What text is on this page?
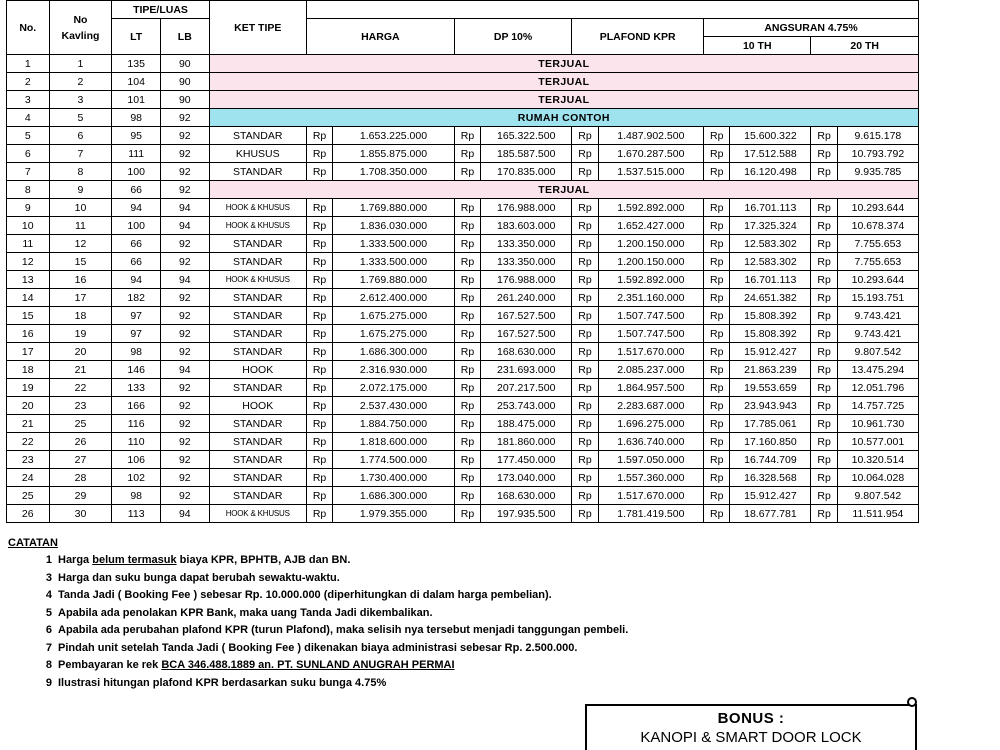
No.	No
Kavling	TIPE/LUAS		KET TIPE										
		LT	LB		HARGA		DP 10%		PLAFOND KPR		ANGSURAN 4.75%			
											10 TH		20 TH	
1	1	135	90	TERJUAL										
2	2	104	90	TERJUAL										
3	3	101	90	TERJUAL										
4	5	98	92	RUMAH CONTOH										
5	6	95	92	STANDAR	Rp	1.653.225.000	Rp	165.322.500	Rp	1.487.902.500	Rp	15.600.322	Rp	9.615.178
6	7	111	92	KHUSUS	Rp	1.855.875.000	Rp	185.587.500	Rp	1.670.287.500	Rp	17.512.588	Rp	10.793.792
7	8	100	92	STANDAR	Rp	1.708.350.000	Rp	170.835.000	Rp	1.537.515.000	Rp	16.120.498	Rp	9.935.785
8	9	66	92	TERJUAL										
9	10	94	94	HOOK & KHUSUS	Rp	1.769.880.000	Rp	176.988.000	Rp	1.592.892.000	Rp	16.701.113	Rp	10.293.644
10	11	100	94	HOOK & KHUSUS	Rp	1.836.030.000	Rp	183.603.000	Rp	1.652.427.000	Rp	17.325.324	Rp	10.678.374
11	12	66	92	STANDAR	Rp	1.333.500.000	Rp	133.350.000	Rp	1.200.150.000	Rp	12.583.302	Rp	7.755.653
12	15	66	92	STANDAR	Rp	1.333.500.000	Rp	133.350.000	Rp	1.200.150.000	Rp	12.583.302	Rp	7.755.653
13	16	94	94	HOOK & KHUSUS	Rp	1.769.880.000	Rp	176.988.000	Rp	1.592.892.000	Rp	16.701.113	Rp	10.293.644
14	17	182	92	STANDAR	Rp	2.612.400.000	Rp	261.240.000	Rp	2.351.160.000	Rp	24.651.382	Rp	15.193.751
15	18	97	92	STANDAR	Rp	1.675.275.000	Rp	167.527.500	Rp	1.507.747.500	Rp	15.808.392	Rp	9.743.421
16	19	97	92	STANDAR	Rp	1.675.275.000	Rp	167.527.500	Rp	1.507.747.500	Rp	15.808.392	Rp	9.743.421
17	20	98	92	STANDAR	Rp	1.686.300.000	Rp	168.630.000	Rp	1.517.670.000	Rp	15.912.427	Rp	9.807.542
18	21	146	94	HOOK	Rp	2.316.930.000	Rp	231.693.000	Rp	2.085.237.000	Rp	21.863.239	Rp	13.475.294
19	22	133	92	STANDAR	Rp	2.072.175.000	Rp	207.217.500	Rp	1.864.957.500	Rp	19.553.659	Rp	12.051.796
20	23	166	92	HOOK	Rp	2.537.430.000	Rp	253.743.000	Rp	2.283.687.000	Rp	23.943.943	Rp	14.757.725
21	25	116	92	STANDAR	Rp	1.884.750.000	Rp	188.475.000	Rp	1.696.275.000	Rp	17.785.061	Rp	10.961.730
22	26	110	92	STANDAR	Rp	1.818.600.000	Rp	181.860.000	Rp	1.636.740.000	Rp	17.160.850	Rp	10.577.001
23	27	106	92	STANDAR	Rp	1.774.500.000	Rp	177.450.000	Rp	1.597.050.000	Rp	16.744.709	Rp	10.320.514
24	28	102	92	STANDAR	Rp	1.730.400.000	Rp	173.040.000	Rp	1.557.360.000	Rp	16.328.568	Rp	10.064.028
25	29	98	92	STANDAR	Rp	1.686.300.000	Rp	168.630.000	Rp	1.517.670.000	Rp	15.912.427	Rp	9.807.542
26	30	113	94	HOOK & KHUSUS	Rp	1.979.355.000	Rp	197.935.500	Rp	1.781.419.500	Rp	18.677.781	Rp	11.511.954
CATATAN
1 Harga belum termasuk biaya KPR, BPHTB, AJB dan BN.
3 Harga dan suku bunga dapat berubah sewaktu-waktu.
4 Tanda Jadi ( Booking Fee ) sebesar Rp. 10.000.000 (diperhitungkan di dalam harga pembelian).
5 Apabila ada penolakan KPR Bank, maka uang Tanda Jadi dikembalikan.
6 Apabila ada perubahan plafond KPR (turun Plafond), maka selisih nya tersebut menjadi tanggungan pembeli.
7 Pindah unit setelah Tanda Jadi ( Booking Fee ) dikenakan biaya administrasi sebesar Rp. 2.500.000.
8 Pembayaran ke rek BCA 346.488.1889 an. PT. SUNLAND ANUGRAH PERMAI
9 Ilustrasi hitungan plafond KPR berdasarkan suku bunga 4.75%
BONUS :
KANOPI & SMART DOOR LOCK
